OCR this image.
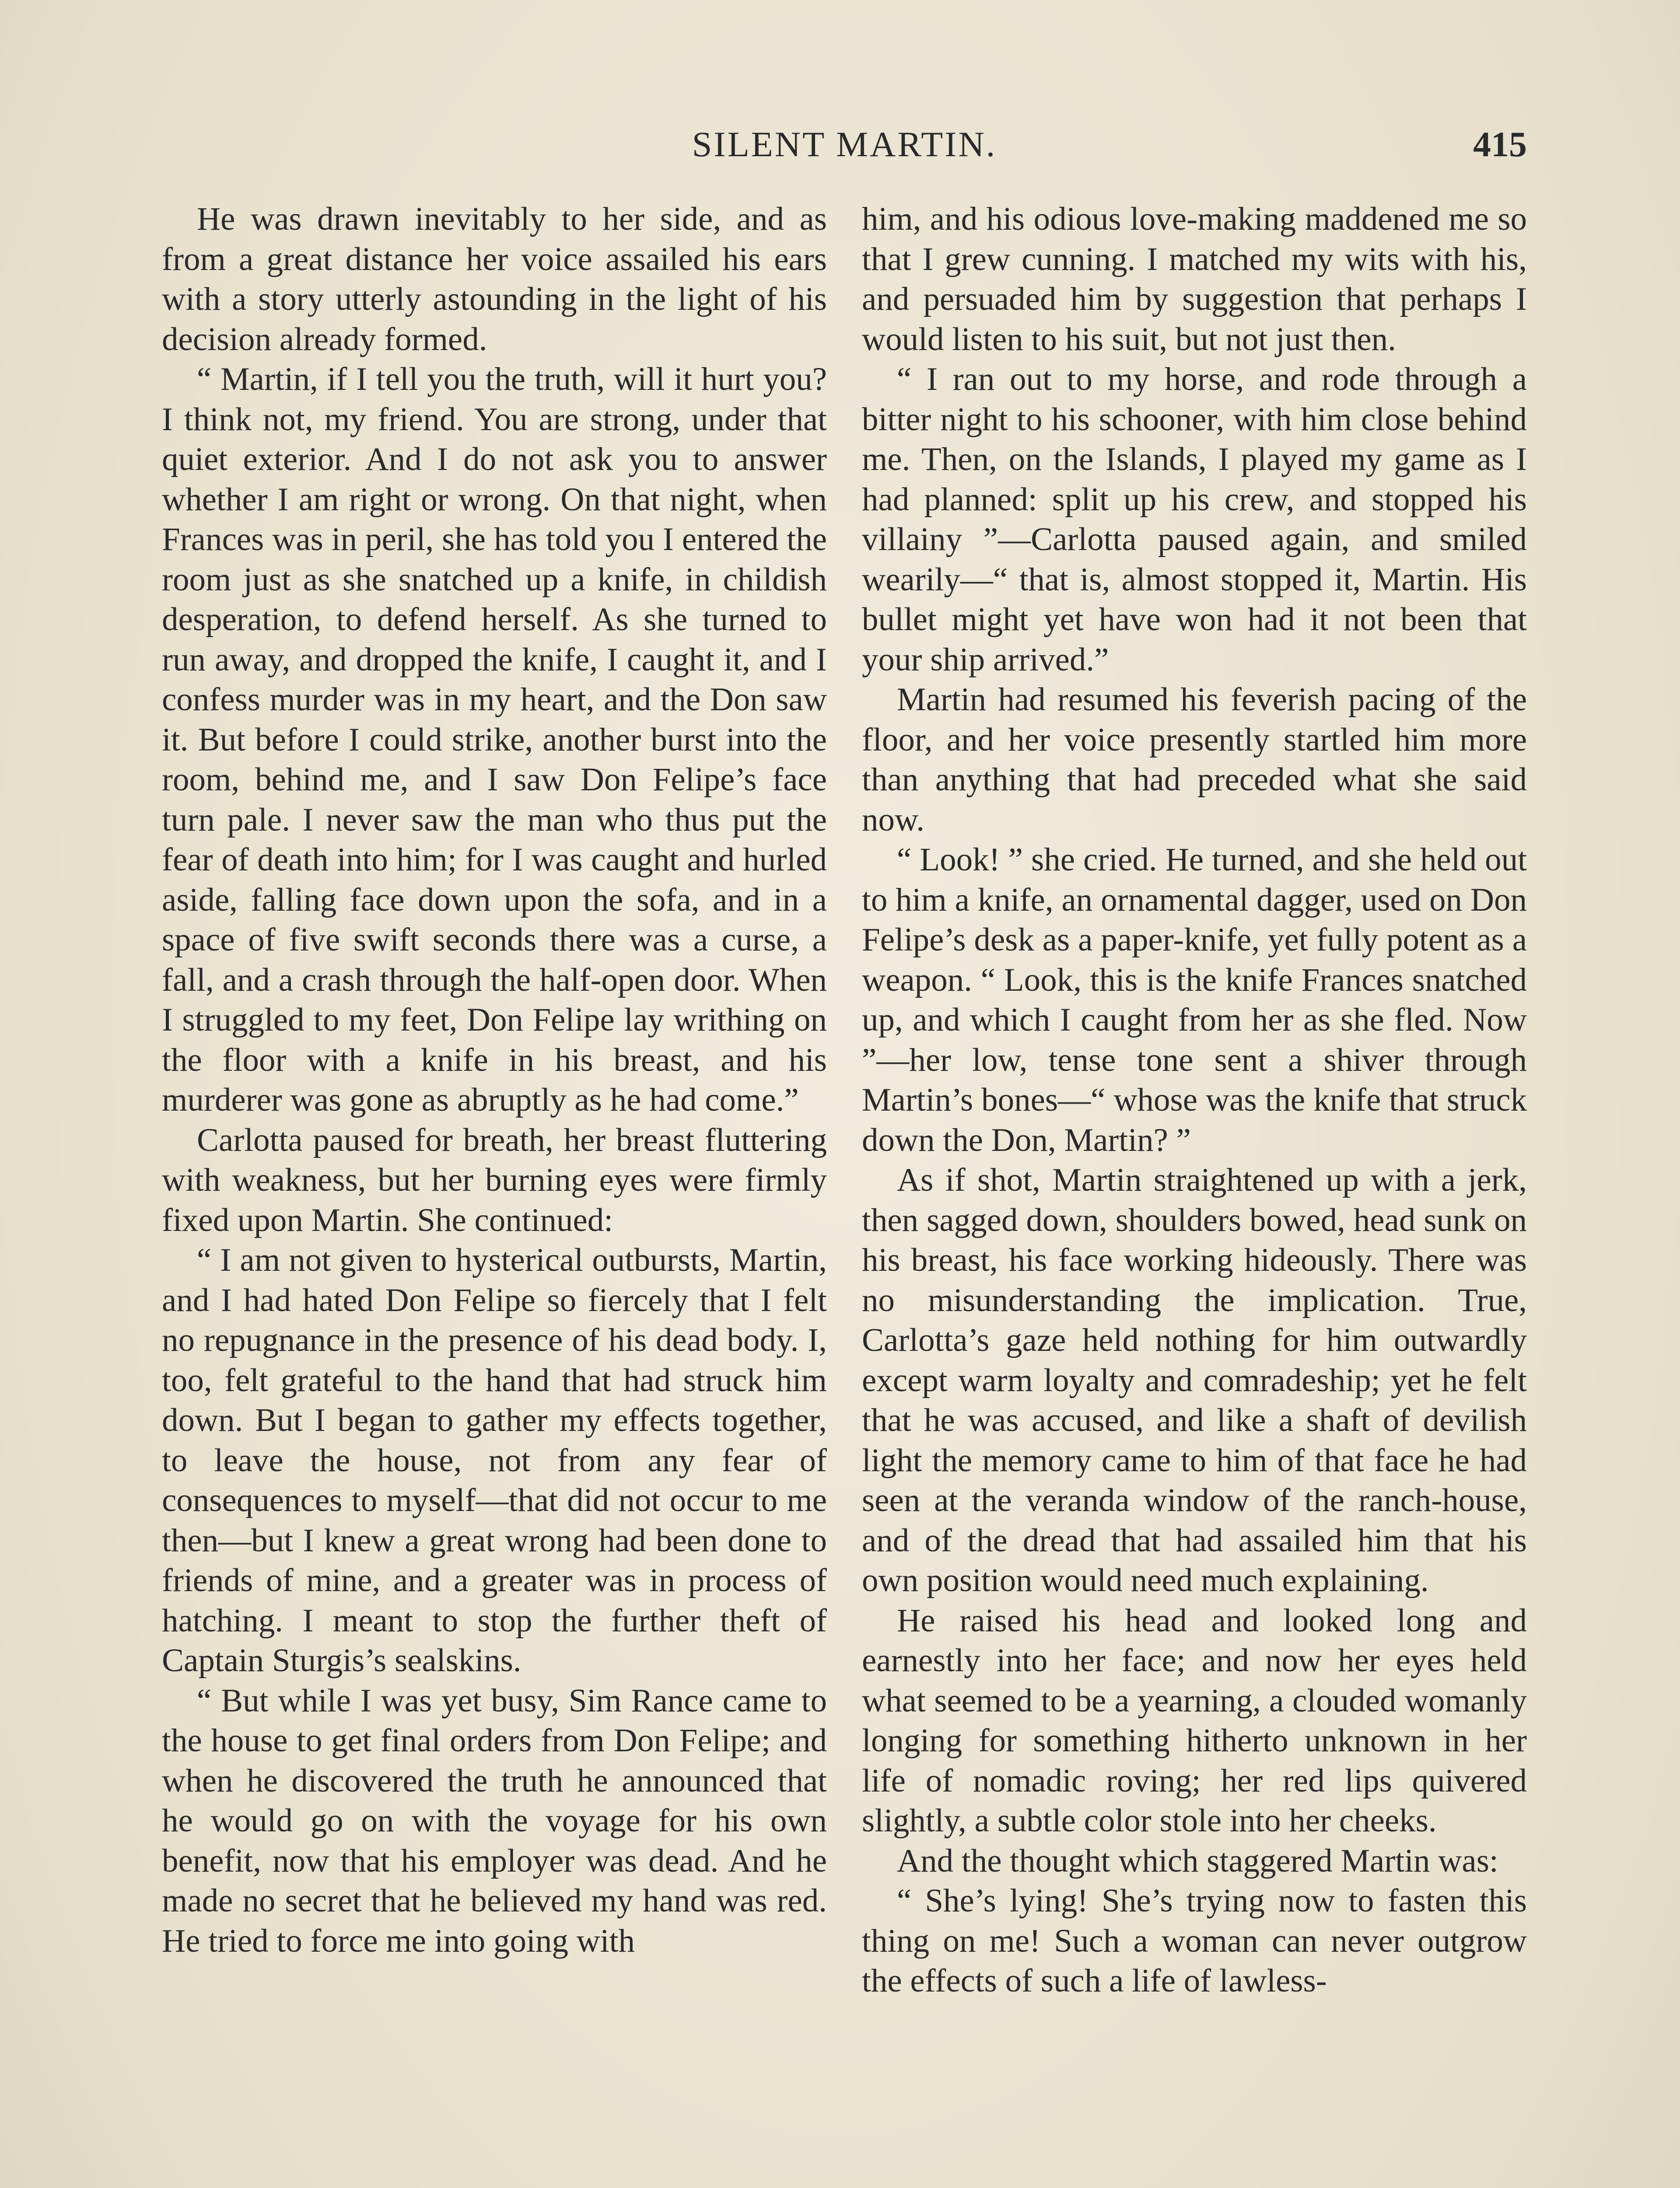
SILENT MARTIN.	415

He was drawn inevitably to her side, and as from a great distance her voice assailed his ears with a story utterly astounding in the light of his decision already formed.

“ Martin, if I tell you the truth, will it hurt you? I think not, my friend. You are strong, under that quiet exterior. And I do not ask you to answer whether I am right or wrong. On that night, when Frances was in peril, she has told you I entered the room just as she snatched up a knife, in childish desperation, to defend herself. As she turned to run away, and dropped the knife, I caught it, and I confess murder was in my heart, and the Don saw it. But before I could strike, another burst into the room, behind me, and I saw Don Felipe’s face turn pale. I never saw the man who thus put the fear of death into him; for I was caught and hurled aside, falling face down upon the sofa, and in a space of five swift seconds there was a curse, a fall, and a crash through the half-open door. When I struggled to my feet, Don Felipe lay writhing on the floor with a knife in his breast, and his murderer was gone as abruptly as he had come.”

Carlotta paused for breath, her breast fluttering with weakness, but her burning eyes were firmly fixed upon Martin. She continued:

“ I am not given to hysterical outbursts, Martin, and I had hated Don Felipe so fiercely that I felt no repugnance in the presence of his dead body. I, too, felt grateful to the hand that had struck him down. But I began to gather my effects together, to leave the house, not from any fear of consequences to myself—that did not occur to me then—but I knew a great wrong had been done to friends of mine, and a greater was in process of hatching. I meant to stop the further theft of Captain Sturgis’s sealskins.

“ But while I was yet busy, Sim Rance came to the house to get final orders from Don Felipe; and when he discovered the truth he announced that he would go on with the voyage for his own benefit, now that his employer was dead. And he made no secret that he believed my hand was red. He tried to force me into going with

him, and his odious love-making maddened me so that I grew cunning. I matched my wits with his, and persuaded him by suggestion that perhaps I would listen to his suit, but not just then.

“ I ran out to my horse, and rode through a bitter night to his schooner, with him close behind me. Then, on the Islands, I played my game as I had planned: split up his crew, and stopped his villainy ”—Carlotta paused again, and smiled wearily—“ that is, almost stopped it, Martin. His bullet might yet have won had it not been that your ship arrived.”

Martin had resumed his feverish pacing of the floor, and her voice presently startled him more than anything that had preceded what she said now.

“ Look! ” she cried. He turned, and she held out to him a knife, an ornamental dagger, used on Don Felipe’s desk as a paper-knife, yet fully potent as a weapon. “ Look, this is the knife Frances snatched up, and which I caught from her as she fled. Now ”—her low, tense tone sent a shiver through Martin’s bones—“ whose was the knife that struck down the Don, Martin? ”

As if shot, Martin straightened up with a jerk, then sagged down, shoulders bowed, head sunk on his breast, his face working hideously. There was no misunderstanding the implication. True, Carlotta’s gaze held nothing for him outwardly except warm loyalty and comradeship; yet he felt that he was accused, and like a shaft of devilish light the memory came to him of that face he had seen at the veranda window of the ranch-house, and of the dread that had assailed him that his own position would need much explaining.

He raised his head and looked long and earnestly into her face; and now her eyes held what seemed to be a yearning, a clouded womanly longing for something hitherto unknown in her life of nomadic roving; her red lips quivered slightly, a subtle color stole into her cheeks.

And the thought which staggered Martin was:

“ She’s lying! She’s trying now to fasten this thing on me! Such a woman can never outgrow the effects of such a life of lawless-
